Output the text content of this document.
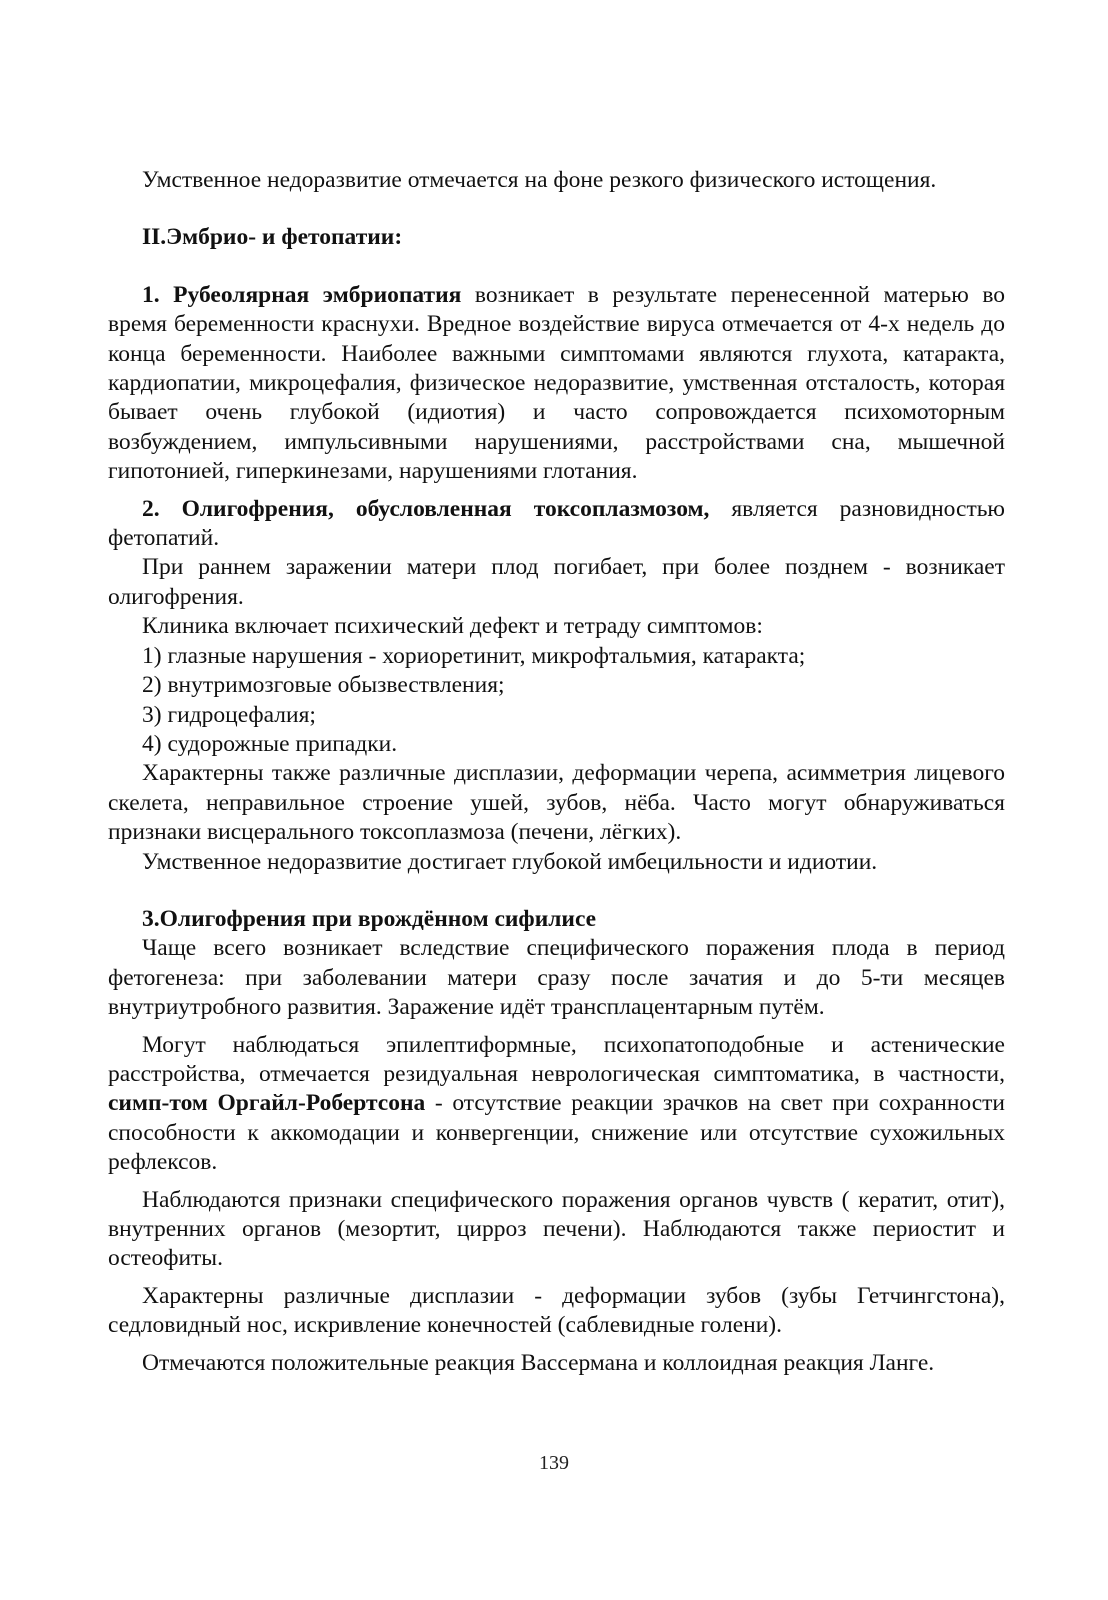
Умственное недоразвитие отмечается на фоне резкого физического истощения.

II.Эмбрио- и фетопатии:

1. Рубеолярная эмбриопатия возникает в результате перенесенной матерью во время беременности краснухи. Вредное воздействие вируса отмечается от 4-х недель до конца беременности. Наиболее важными симптомами являются глухота, катаракта, кардиопатии, микроцефалия, физическое недоразвитие, умственная отсталость, которая бывает очень глубокой (идиотия) и часто сопровождается психомоторным возбуждением, импульсивными нарушениями, расстройствами сна, мышечной гипотонией, гиперкинезами, нарушениями глотания.

2. Олигофрения, обусловленная токсоплазмозом, является разновидностью фетопатий.

При раннем заражении матери плод погибает, при более позднем - возникает олигофрения.

Клиника включает психический дефект и тетраду симптомов:

1) глазные нарушения - хориоретинит, микрофтальмия, катаракта;

2) внутримозговые обызвествления;

3) гидроцефалия;

4) судорожные припадки.

Характерны также различные дисплазии, деформации черепа, асимметрия лицевого скелета, неправильное строение ушей, зубов, нёба. Часто могут обнаруживаться признаки висцерального токсоплазмоза (печени, лёгких).

Умственное недоразвитие достигает глубокой имбецильности и идиотии.

3.Олигофрения при врождённом сифилисе

Чаще всего возникает вследствие специфического поражения плода в период фетогенеза: при заболевании матери сразу после зачатия и до 5-ти месяцев внутриутробного развития. Заражение идёт трансплацентарным путём.

Могут наблюдаться эпилептиформные, психопатоподобные и астенические расстройства, отмечается резидуальная неврологическая симптоматика, в частности, симп-том Оргайл-Робертсона - отсутствие реакции зрачков на свет при сохранности способности к аккомодации и конвергенции, снижение или отсутствие сухожильных рефлексов.

Наблюдаются признаки специфического поражения органов чувств ( кератит, отит), внутренних органов (мезортит, цирроз печени). Наблюдаются также периостит и остеофиты.

Характерны различные дисплазии - деформации зубов (зубы Гетчингстона), седловидный нос, искривление конечностей (саблевидные голени).

Отмечаются положительные реакция Вассермана и коллоидная реакция Ланге.

139
